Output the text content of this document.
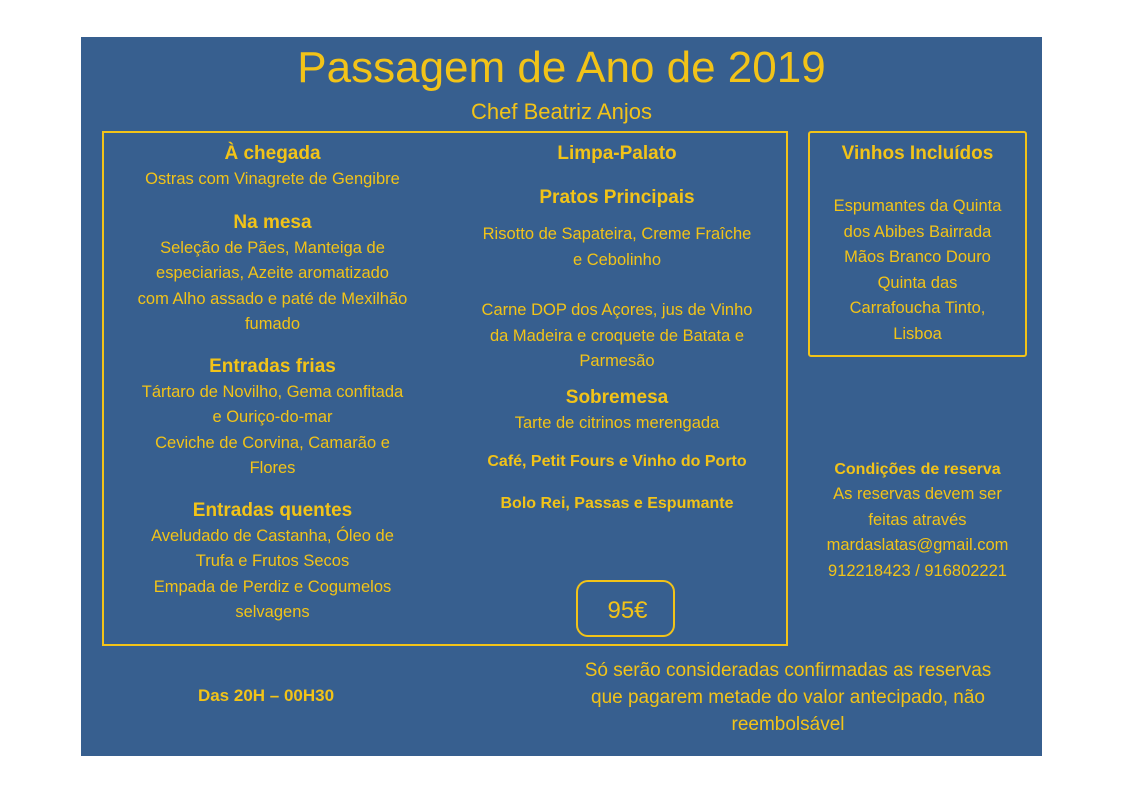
Passagem de Ano de 2019
Chef Beatriz Anjos
À chegada
Ostras com Vinagrete de Gengibre
Na mesa
Seleção de Pães, Manteiga de
especiarias, Azeite aromatizado
com Alho assado e paté de Mexilhão
fumado
Entradas frias
Tártaro de Novilho, Gema confitada
e Ouriço-do-mar
Ceviche de Corvina, Camarão e
Flores
Entradas quentes
Aveludado de Castanha, Óleo de
Trufa e Frutos Secos
Empada de Perdiz e Cogumelos
selvagens
Limpa-Palato
Pratos Principais
Risotto de Sapateira, Creme Fraîche
e Cebolinho
Carne DOP dos Açores, jus de Vinho
da Madeira e croquete de Batata e
Parmesão
Sobremesa
Tarte de citrinos merengada
Café, Petit Fours e Vinho do Porto
Bolo Rei, Passas e Espumante
95€
Vinhos Incluídos
Espumantes da Quinta
dos Abibes Bairrada
Mãos Branco Douro
Quinta das
Carrafoucha Tinto,
Lisboa
Condições de reserva
As reservas devem ser
feitas através
mardaslatas@gmail.com
912218423 / 916802221
Das 20H – 00H30
Só serão consideradas confirmadas as reservas
que pagarem metade do valor antecipado, não
reembolsável
